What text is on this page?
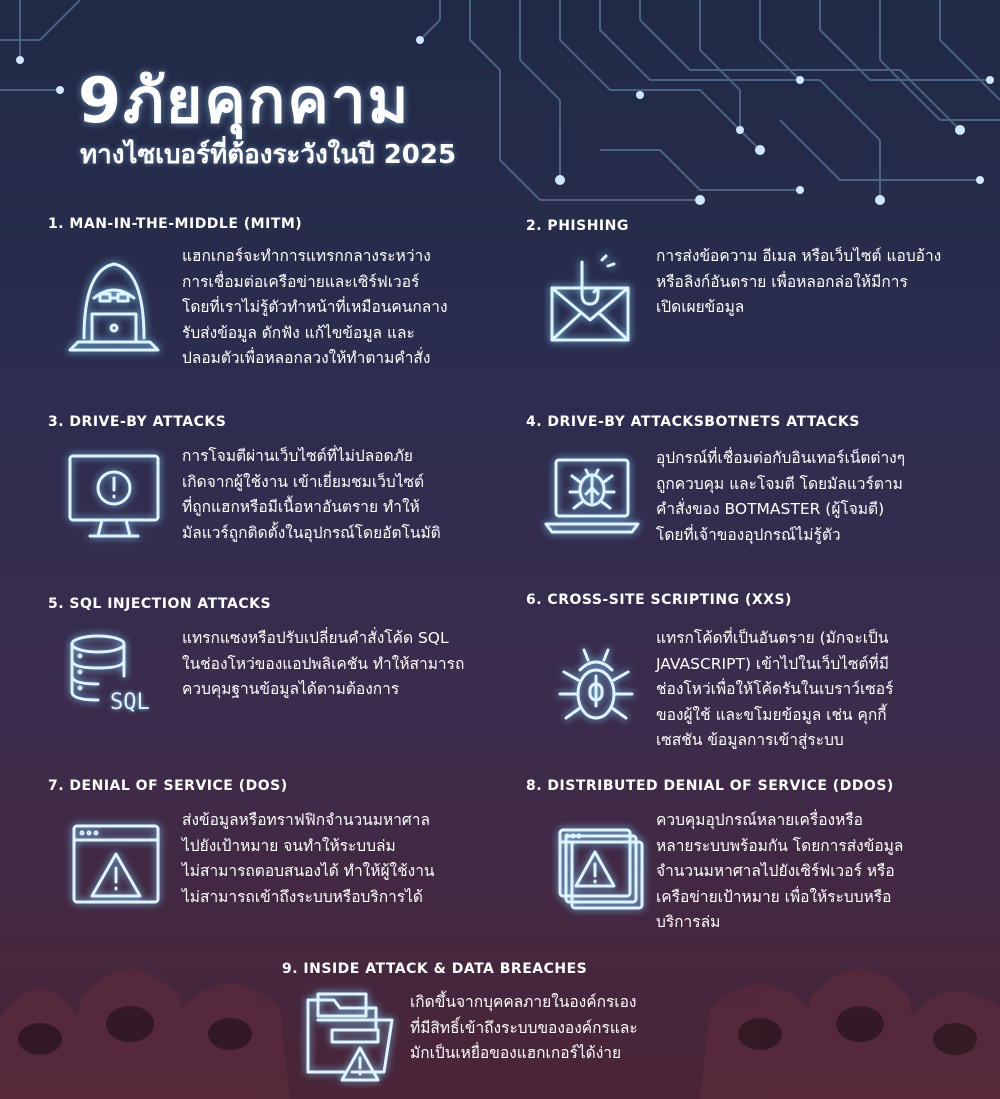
9ภัยคุกคาม
ทางไซเบอร์ที่ต้องระวังในปี 2025
1. MAN-IN-THE-MIDDLE (MITM)
แฮกเกอร์จะทำการแทรกกลางระหว่าง
การเชื่อมต่อเครือข่ายและเซิร์ฟเวอร์
โดยที่เราไม่รู้ตัวทำหน้าที่เหมือนคนกลาง
รับส่งข้อมูล ดักฟัง แก้ไขข้อมูล และ
ปลอมตัวเพื่อหลอกลวงให้ทำตามคำสั่ง
2. PHISHING
การส่งข้อความ อีเมล หรือเว็บไซต์ แอบอ้าง
หรือลิงก์อันตราย เพื่อหลอกล่อให้มีการ
เปิดเผยข้อมูล
3. DRIVE-BY ATTACKS
การโจมตีผ่านเว็บไซต์ที่ไม่ปลอดภัย
เกิดจากผู้ใช้งาน เข้าเยี่ยมชมเว็บไซต์
ที่ถูกแฮกหรือมีเนื้อหาอันตราย ทำให้
มัลแวร์ถูกติดตั้งในอุปกรณ์โดยอัตโนมัติ
4. DRIVE-BY ATTACKSBOTNETS ATTACKS
อุปกรณ์ที่เชื่อมต่อกับอินเทอร์เน็ตต่างๆ
ถูกควบคุม และโจมตี โดยมัลแวร์ตาม
คำสั่งของ BOTMASTER (ผู้โจมตี)
โดยที่เจ้าของอุปกรณ์ไม่รู้ตัว
5. SQL INJECTION ATTACKS
SQL
แทรกแซงหรือปรับเปลี่ยนคำสั่งโค้ด SQL
ในช่องโหว่ของแอปพลิเคชัน ทำให้สามารถ
ควบคุมฐานข้อมูลได้ตามต้องการ
6. CROSS-SITE SCRIPTING (XXS)
แทรกโค้ดที่เป็นอันตราย (มักจะเป็น
JAVASCRIPT) เข้าไปในเว็บไซต์ที่มี
ช่องโหว่เพื่อให้โค้ดรันในเบราว์เซอร์
ของผู้ใช้ และขโมยข้อมูล เช่น คุกกี้
เซสชัน ข้อมูลการเข้าสู่ระบบ
7. DENIAL OF SERVICE (DOS)
ส่งข้อมูลหรือทราฟฟิกจำนวนมหาศาล
ไปยังเป้าหมาย จนทำให้ระบบล่ม
ไม่สามารถตอบสนองได้ ทำให้ผู้ใช้งาน
ไม่สามารถเข้าถึงระบบหรือบริการได้
8. DISTRIBUTED DENIAL OF SERVICE (DDOS)
ควบคุมอุปกรณ์หลายเครื่องหรือ
หลายระบบพร้อมกัน โดยการส่งข้อมูล
จำนวนมหาศาลไปยังเซิร์ฟเวอร์ หรือ
เครือข่ายเป้าหมาย เพื่อให้ระบบหรือ
บริการล่ม
9. INSIDE ATTACK & DATA BREACHES
เกิดขึ้นจากบุคคลภายในองค์กรเอง
ที่มีสิทธิ์เข้าถึงระบบขององค์กรและ
มักเป็นเหยื่อของแฮกเกอร์ได้ง่าย
